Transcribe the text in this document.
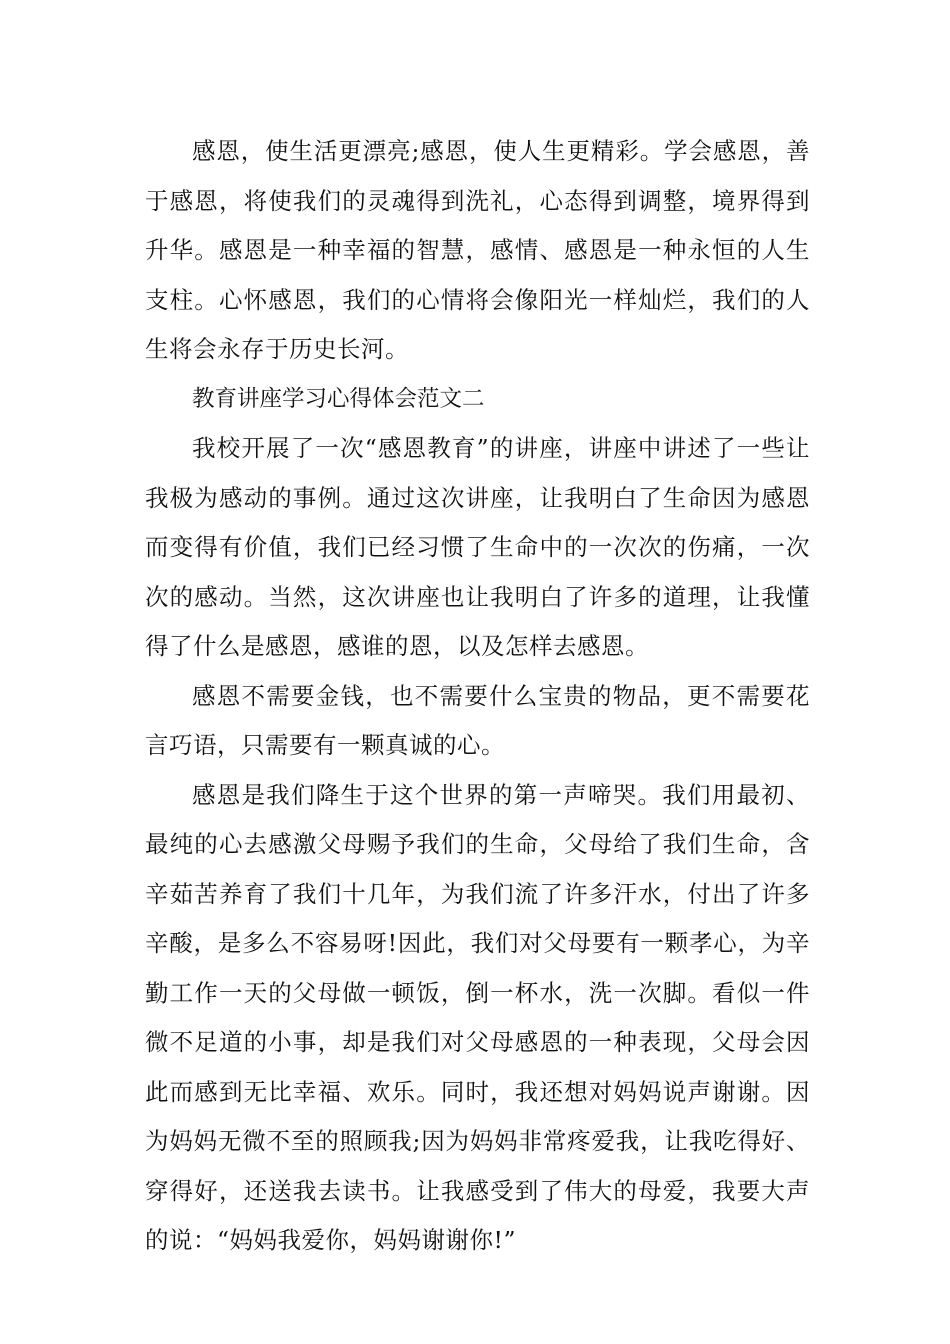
感恩，使生活更漂亮;感恩，使人生更精彩。学会感恩，善于感恩，将使我们的灵魂得到洗礼，心态得到调整，境界得到升华。感恩是一种幸福的智慧，感情、感恩是一种永恒的人生支柱。心怀感恩，我们的心情将会像阳光一样灿烂，我们的人生将会永存于历史长河。

教育讲座学习心得体会范文二

我校开展了一次“感恩教育”的讲座，讲座中讲述了一些让我极为感动的事例。通过这次讲座，让我明白了生命因为感恩而变得有价值，我们已经习惯了生命中的一次次的伤痛，一次次的感动。当然，这次讲座也让我明白了许多的道理，让我懂得了什么是感恩，感谁的恩，以及怎样去感恩。

感恩不需要金钱，也不需要什么宝贵的物品，更不需要花言巧语，只需要有一颗真诚的心。

感恩是我们降生于这个世界的第一声啼哭。我们用最初、最纯的心去感激父母赐予我们的生命，父母给了我们生命，含辛茹苦养育了我们十几年，为我们流了许多汗水，付出了许多辛酸，是多么不容易呀!因此，我们对父母要有一颗孝心，为辛勤工作一天的父母做一顿饭，倒一杯水，洗一次脚。看似一件微不足道的小事，却是我们对父母感恩的一种表现，父母会因此而感到无比幸福、欢乐。同时，我还想对妈妈说声谢谢。因为妈妈无微不至的照顾我;因为妈妈非常疼爱我，让我吃得好、穿得好，还送我去读书。让我感受到了伟大的母爱，我要大声的说：“妈妈我爱你，妈妈谢谢你!”
